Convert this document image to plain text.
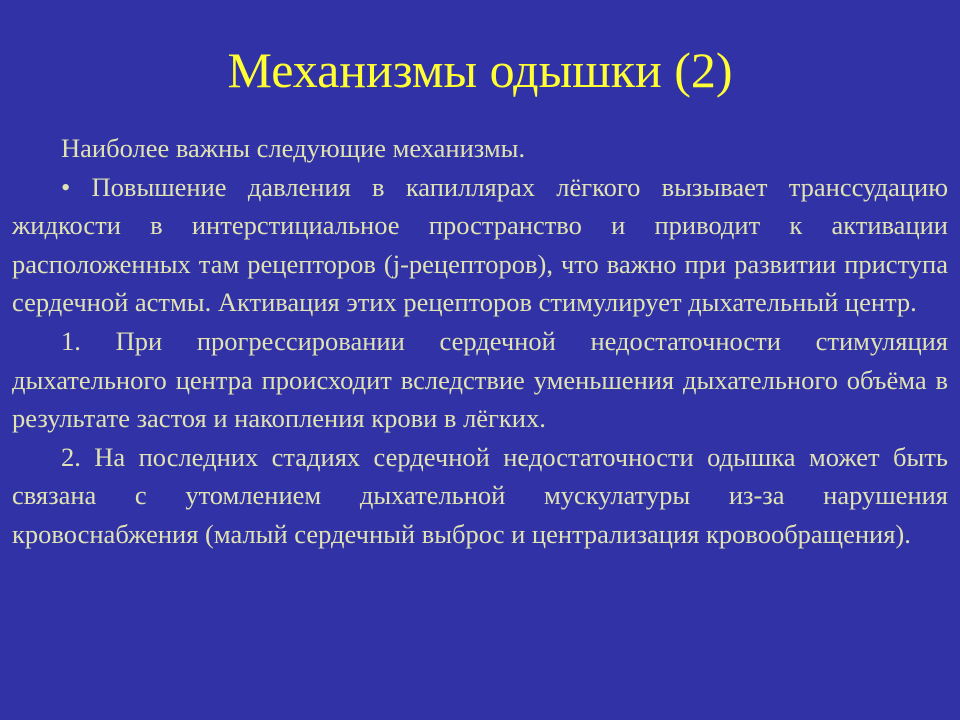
Механизмы одышки (2)

Наиболее важны следующие механизмы.

• Повышение давления в капиллярах лёгкого вызывает транссудацию жидкости в интерстициальное пространство и приводит к активации расположенных там рецепторов (j-рецепторов), что важно при развитии приступа сердечной астмы. Активация этих рецепторов стимулирует дыхательный центр.

1. При прогрессировании сердечной недостаточности стимуляция дыхательного центра происходит вследствие уменьшения дыхательного объёма в результате застоя и накопления крови в лёгких.

2. На последних стадиях сердечной недостаточности одышка может быть связана с утомлением дыхательной мускулатуры из-за нарушения кровоснабжения (малый сердечный выброс и централизация кровообращения).
